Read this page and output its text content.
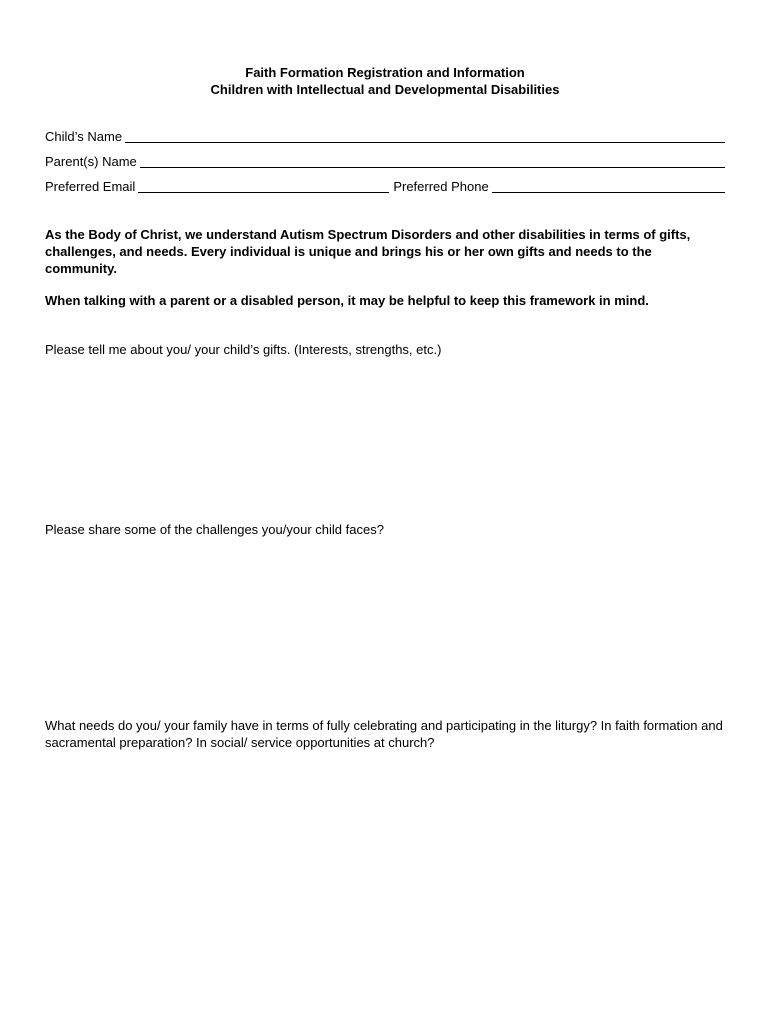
Faith Formation Registration and Information
Children with Intellectual and Developmental Disabilities
Child’s Name
Parent(s) Name
Preferred Email	Preferred Phone

As the Body of Christ, we understand Autism Spectrum Disorders and other disabilities in terms of gifts, challenges, and needs. Every individual is unique and brings his or her own gifts and needs to the community.

When talking with a parent or a disabled person, it may be helpful to keep this framework in mind.

Please tell me about you/ your child’s gifts. (Interests, strengths, etc.)

Please share some of the challenges you/your child faces?

What needs do you/ your family have in terms of fully celebrating and participating in the liturgy? In faith formation and sacramental preparation? In social/ service opportunities at church?
